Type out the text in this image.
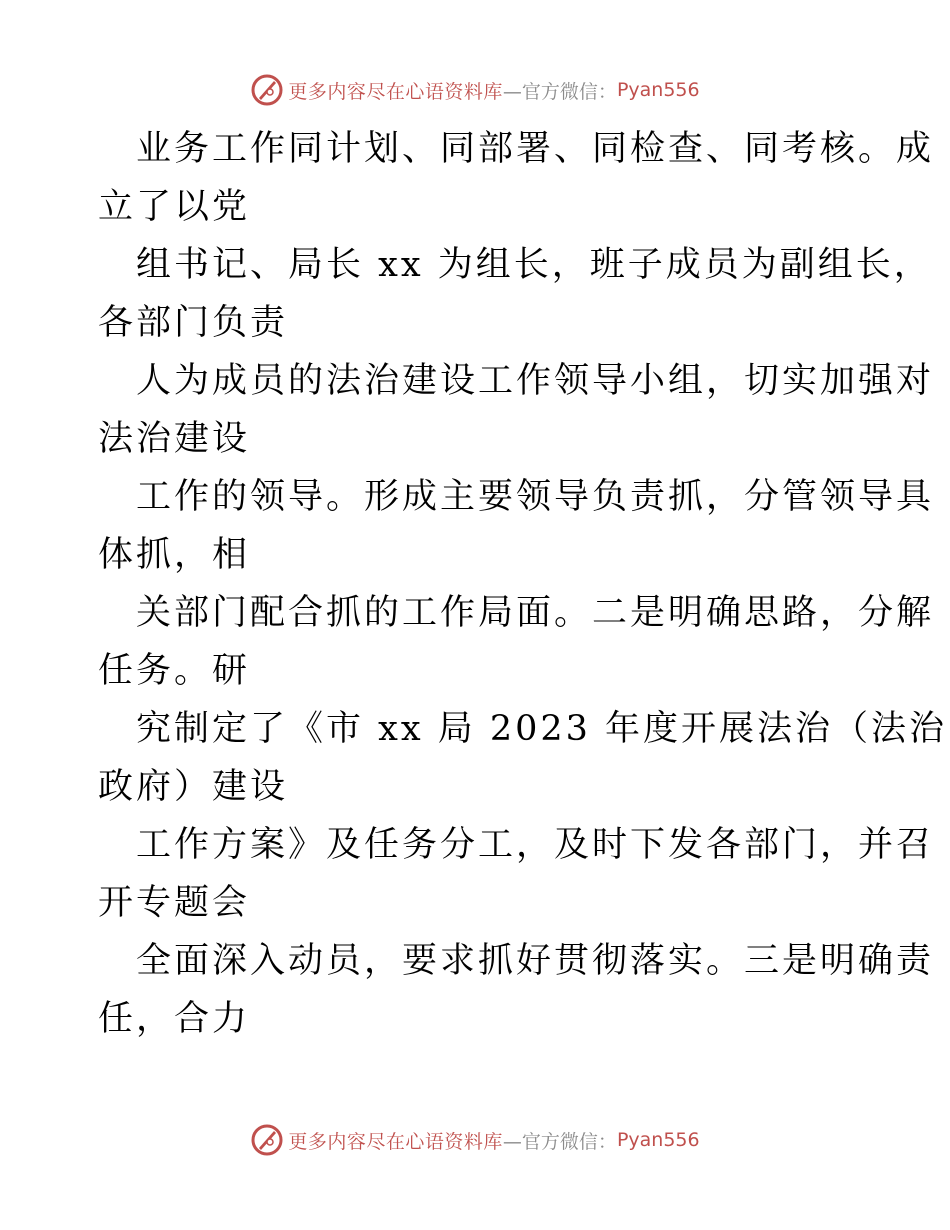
更多内容尽在心语资料库 —官方微信： Pyan556

业务工作同计划、同部署、同检查、同考核。成
立了以党

组书记、局长 xx 为组长，班子成员为副组长，
各部门负责

人为成员的法治建设工作领导小组，切实加强对
法治建设

工作的领导。形成主要领导负责抓，分管领导具
体抓，相

关部门配合抓的工作局面。二是明确思路，分解
任务。研

究制定了《市 xx 局 2023 年度开展法治（法治
政府）建设

工作方案》及任务分工，及时下发各部门，并召
开专题会

全面深入动员，要求抓好贯彻落实。三是明确责
任，合力

更多内容尽在心语资料库 —官方微信： Pyan556
